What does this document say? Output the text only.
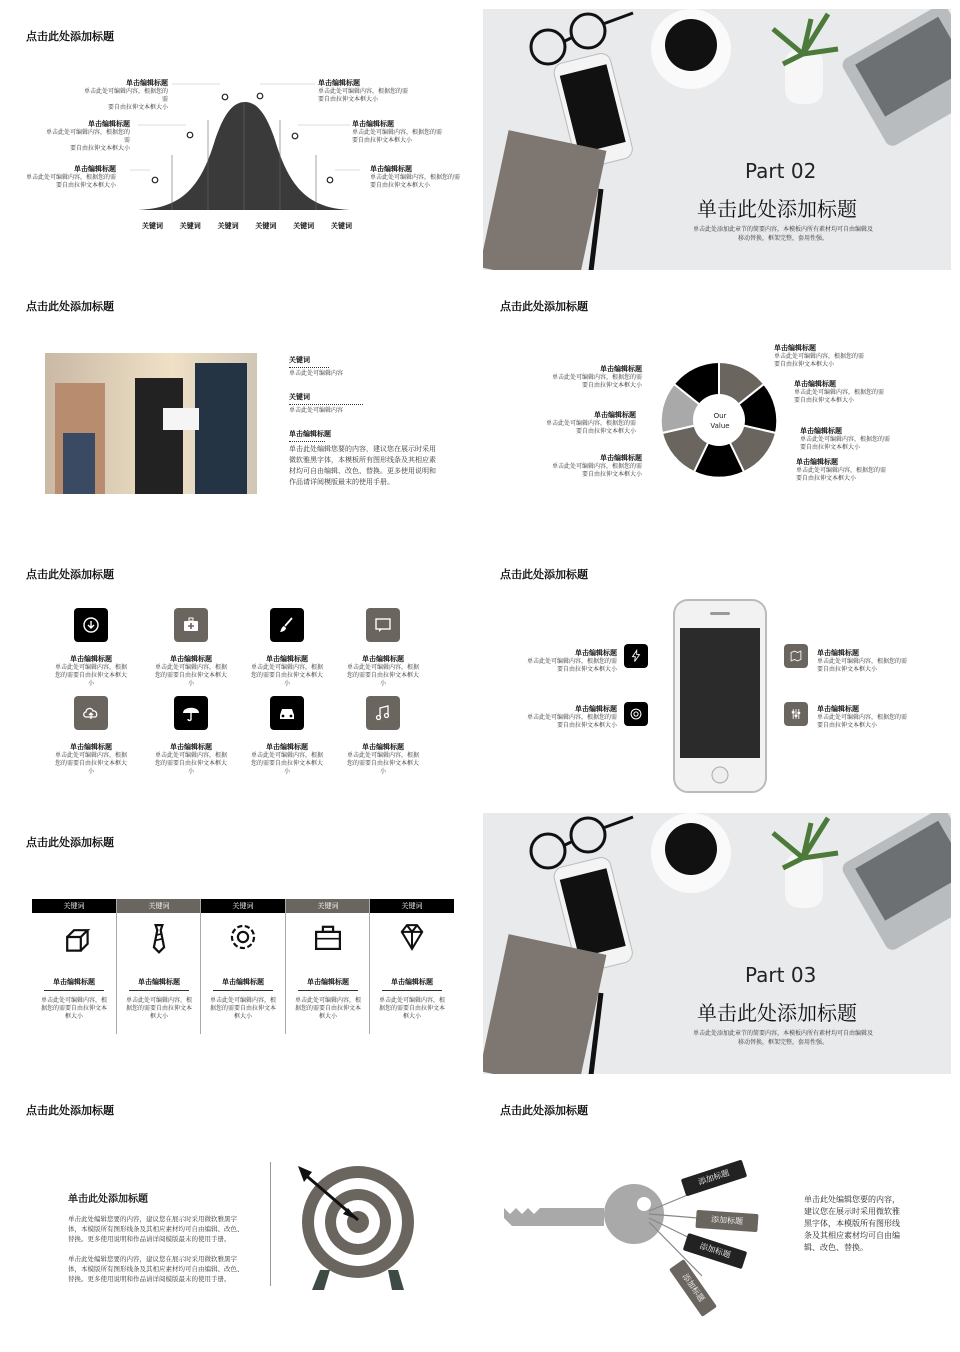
点击此处添加标题
单击编辑标题
单击此处可编辑内容，根据您的需
要自由拉伸文本框大小
单击编辑标题
单击此处可编辑内容，根据您的需
要自由拉伸文本框大小
单击编辑标题
单击此处可编辑内容，根据您的需
要自由拉伸文本框大小
单击编辑标题
单击此处可编辑内容，根据您的需
要自由拉伸文本框大小
单击编辑标题
单击此处可编辑内容，根据您的需
要自由拉伸文本框大小
单击编辑标题
单击此处可编辑内容，根据您的需
要自由拉伸文本框大小
关键词 关键词 关键词 关键词 关键词 关键词
Part 02
单击此处添加标题
单击此处添加此章节的简要内容，本模板内所有素材均可自由编辑及
移动替换，框架完整，套用性强。
点击此处添加标题
关键词
单击此处可编辑内容
关键词
单击此处可编辑内容
单击编辑标题
单击此处编辑您要的内容，建议您在展示时采用
微软雅黑字体，本模板所有图形线条及其相应素
材均可自由编辑、改色、替换。更多使用说明和
作品请详阅模版最末的使用手册。
点击此处添加标题
Our
Value
单击编辑标题
单击此处可编辑内容，根据您的需
要自由拉伸文本框大小
单击编辑标题
单击此处可编辑内容，根据您的需
要自由拉伸文本框大小
单击编辑标题
单击此处可编辑内容，根据您的需
要自由拉伸文本框大小
单击编辑标题
单击此处可编辑内容，根据您的需
要自由拉伸文本框大小
单击编辑标题
单击此处可编辑内容，根据您的需
要自由拉伸文本框大小
单击编辑标题
单击此处可编辑内容，根据您的需
要自由拉伸文本框大小
单击编辑标题
单击此处可编辑内容，根据您的需
要自由拉伸文本框大小
点击此处添加标题
单击编辑标题
单击此处可编辑内容，根据
您的需要自由拉伸文本框大
小
单击编辑标题
单击此处可编辑内容，根据
您的需要自由拉伸文本框大
小
单击编辑标题
单击此处可编辑内容，根据
您的需要自由拉伸文本框大
小
单击编辑标题
单击此处可编辑内容，根据
您的需要自由拉伸文本框大
小
单击编辑标题
单击此处可编辑内容，根据
您的需要自由拉伸文本框大
小
单击编辑标题
单击此处可编辑内容，根据
您的需要自由拉伸文本框大
小
单击编辑标题
单击此处可编辑内容，根据
您的需要自由拉伸文本框大
小
单击编辑标题
单击此处可编辑内容，根据
您的需要自由拉伸文本框大
小
点击此处添加标题
单击编辑标题
单击此处可编辑内容，根据您的需
要自由拉伸文本框大小
单击编辑标题
单击此处可编辑内容，根据您的需
要自由拉伸文本框大小
单击编辑标题
单击此处可编辑内容，根据您的需
要自由拉伸文本框大小
单击编辑标题
单击此处可编辑内容，根据您的需
要自由拉伸文本框大小
点击此处添加标题
关键词
单击编辑标题
单击此处可编辑内容，根
据您的需要自由拉伸文本
框大小
关键词
单击编辑标题
单击此处可编辑内容，根
据您的需要自由拉伸文本
框大小
关键词
单击编辑标题
单击此处可编辑内容，根
据您的需要自由拉伸文本
框大小
关键词
单击编辑标题
单击此处可编辑内容，根
据您的需要自由拉伸文本
框大小
关键词
单击编辑标题
单击此处可编辑内容，根
据您的需要自由拉伸文本
框大小
Part 03
单击此处添加标题
单击此处添加此章节的简要内容，本模板内所有素材均可自由编辑及
移动替换，框架完整，套用性强。
点击此处添加标题
单击此处添加标题
单击此处编辑您要的内容，建议您在展示时采用微软雅黑字
体，本模版所有图形线条及其相应素材均可自由编辑、改色、
替换。更多使用说明和作品请详阅模版最末的使用手册。
单击此处编辑您要的内容，建议您在展示时采用微软雅黑字
体，本模版所有图形线条及其相应素材均可自由编辑、改色、
替换。更多使用说明和作品请详阅模版最末的使用手册。
点击此处添加标题
添加标题
添加标题
添加标题
添加标题
单击此处编辑您要的内容，
建议您在展示时采用微软雅
黑字体，本模版所有图形线
条及其相应素材均可自由编
辑、改色、替换。
